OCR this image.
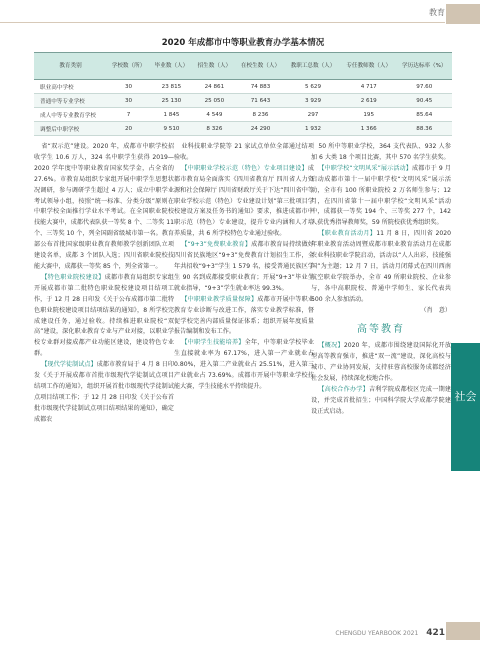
教育
社会
2020 年成都市中等职业教育办学基本情况
教育类别	学校数（所）	毕业数（人）	招生数（人）	在校生数（人）	教职工总数（人）	专任教师数（人）	学历达标率（%）
职业高中学校	30	23 815	24 861	74 883	5 629	4 717	97.60
普通中等专业学校	30	25 130	25 050	71 643	3 929	2 619	90.45
成人中等专业教育学校	7	1 845	4 549	8 236	297	195	85.64
调整后中职学校	20	9 510	8 326	24 290	1 932	1 366	88.36

省“双示范”建设。2020 年，成都市中职学校招收学生 10.6 万人，324 名中职学生获得 2019—2020 学年度中等职业教育国家奖学金，占全省的 27.6%。市教育局组织专家组开展中职学生思想状况调研，参与调研学生超过 4 万人；成立中职学业考试领导小组，按照“统一标准、分类分级”原则在中职学校全面推行学业水平考试。在全国职业院校技能大赛中，成都代表队获一等奖 8 个、二等奖 11 个、三等奖 10 个，列全国副省级城市第一名。教育部公布首批国家级职业教育教师教学创新团队立项建设名单，成都 3 个团队入选；四川省职业院校技能大赛中，成都获一等奖 85 个，列全省第一。

【特色职业院校建设】成都市教育局组织专家组开展成都市第二批特色职业院校建设项目结项工作，于 12 月 28 日印发《关于公布成都市第二批特色职业院校建设项目结项结果的通知》，8 所学校完成建设任务，通过验收。持续推进职业院校“双高”建设，深化职业教育专业与产业对接，以职业学校专业群对接成都产业功能区建设，建设特色专业群。

【现代学徒制试点】成都市教育局于 4 月 8 日印发《关于开展成都市首批市级现代学徒制试点项目结项工作的通知》，组织开展首批市级现代学徒制试点项目结项工作；于 12 月 28 日印发《关于公布首批市级现代学徒制试点项目结项结果的通知》，确定成都农

业科技职业学院等 21 家试点单位全部通过结项验收。

【中职职业学校示范（特色）专业项目建设】成都市教育局全面落实《四川省教育厅 四川省人力资源和社会保障厅 四川省财政厅关于下达“四川省中等职业学校示范（特色）专业建设计划”第三批项目学校建设方案及任务书的通知》要求，推进成都市中职示范（特色）专业建设，提升专业内涵和人才培养质量，共 6 所学校特色专业通过验收。

【“9+3”免费职业教育】成都市教育局持续做好四川省民族地区“9+3”免费教育计划招生工作，全年共招收“9+3”学生 1 579 名，接受普通民族区学生 90 名到成都接受职业教育；开展“9+3”毕业生就业指导，“9+3”学生就业率达 99.3%。

【中职职业教学质量保障】成都市开展中等职业教育专业诊断与改进工作，落实专业教学标准，督促学校完善内部质量保证体系；组织开展年度质量报告编制和发布工作。

【中职学生技能培养】全年，中等职业学校毕业生直接就业率为 67.17%，进入第一产业就业占 0.80%，进入第二产业就业占 25.51%，进入第三产业就业占 73.69%。成都市开展中等职业学校技能大赛，学生技能水平持续提升。

50 所中等职业学校，364 支代表队、932 人参加 6 大类 18 个项目比赛，其中 570 名学生获奖。

【中职学校“文明风采”展示活动】成都市于 9 月启动成都市第十一届中职学校“文明风采”展示活动，全市有 100 所职业院校 2 万名师生参与；12 月，在四川省第十一届中职学校“文明风采”活动中，成都获一等奖 194 个、三等奖 277 个，142 人获优秀指导教师奖，59 所院校获优秀组织奖。

【职业教育活动月】11 月 8 日，四川省 2020 年职业教育活动周暨成都市职业教育活动月在成都农业科技职业学院启动，活动以“人人出彩，技能强国”为主题；12 月 7 日，活动月闭幕式在四川西南航空职业学院举办，全市 49 所职业院校、企业参与，各中高职院校、普通中学师生、家长代表共 500 余人参加活动。

（肖　意）

高等教育

【概况】2020 年，成都市围绕建设国际化开放型高等教育强市，推进“双一流”建设，深化高校与城市、产业协同发展，支持驻蓉高校服务成都经济社会发展，持续深化校地合作。

【高校合作办学】吉利学院成都校区完成一期建设，并完成首批招生；中国科学院大学成都学院建设正式启动。

CHENGDU YEARBOOK 2021 421
